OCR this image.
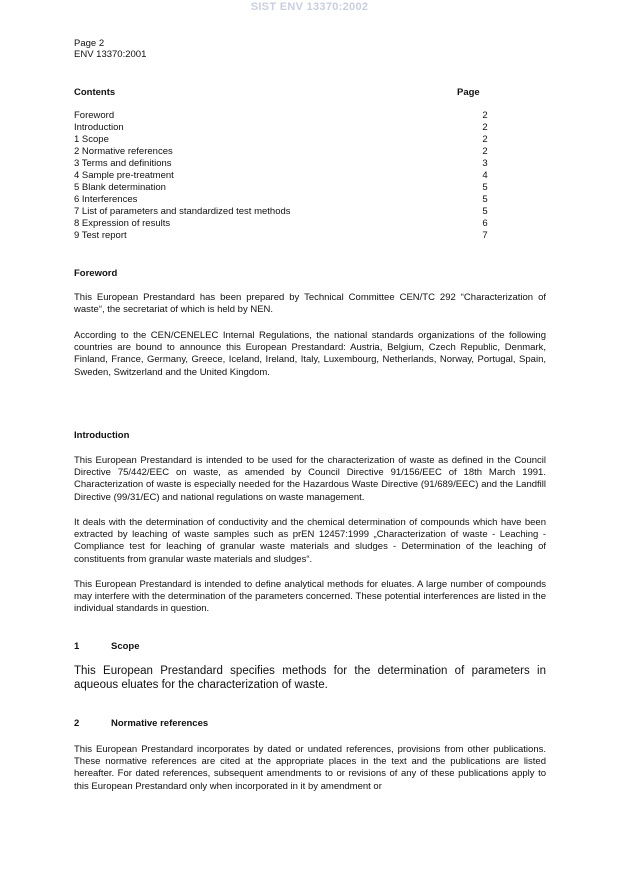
SIST ENV 13370:2002
Page 2
ENV 13370:2001
Contents	Page
Foreword	2
Introduction	2
1 Scope	2
2 Normative references	2
3 Terms and definitions	3
4 Sample pre-treatment	4
5 Blank determination	5
6 Interferences	5
7 List of parameters and standardized test methods	5
8 Expression of results	6
9 Test report	7
Foreword
This European Prestandard has been prepared by Technical Committee CEN/TC 292 “Characterization of waste“, the secretariat of which is held by NEN.
According to the CEN/CENELEC Internal Regulations, the national standards organizations of the following countries are bound to announce this European Prestandard: Austria, Belgium, Czech Republic, Denmark, Finland, France, Germany, Greece, Iceland, Ireland, Italy, Luxembourg, Netherlands, Norway, Portugal, Spain, Sweden, Switzerland and the United Kingdom.
Introduction
This European Prestandard is intended to be used for the characterization of waste as defined in the Council Directive 75/442/EEC on waste, as amended by Council Directive 91/156/EEC of 18th March 1991. Characterization of waste is especially needed for the Hazardous Waste Directive (91/689/EEC) and the Landfill Directive (99/31/EC) and national regulations on waste management.
It deals with the determination of conductivity and the chemical determination of compounds which have been extracted by leaching of waste samples such as prEN 12457:1999 „Characterization of waste - Leaching - Compliance test for leaching of granular waste materials and sludges - Determination of the leaching of constituents from granular waste materials and sludges“.
This European Prestandard is intended to define analytical methods for eluates. A large number of compounds may interfere with the determination of the parameters concerned. These potential interferences are listed in the individual standards in question.
1	Scope
This European Prestandard specifies methods for the determination of parameters in aqueous eluates for the characterization of waste.
2	Normative references
This European Prestandard incorporates by dated or undated references, provisions from other publications. These normative references are cited at the appropriate places in the text and the publications are listed hereafter. For dated references, subsequent amendments to or revisions of any of these publications apply to this European Prestandard only when incorporated in it by amendment or
